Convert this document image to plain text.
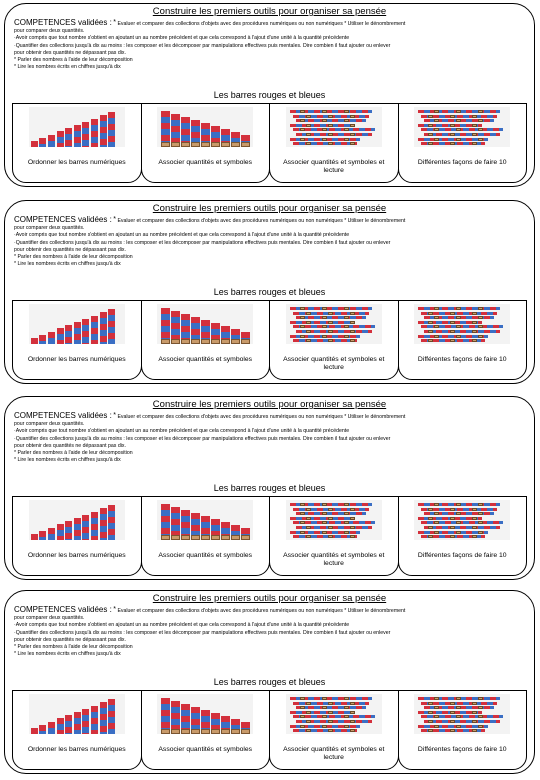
Construire les premiers outils pour organiser sa pensée
COMPETENCES validées : * Evaluer et comparer des collections d'objets avec des procédures numériques ou non numériques * Utiliser le dénombrement
pour comparer deux quantités.
·Avoir compris que tout nombre s'obtient en ajoutant un au nombre précédent et que cela correspond à l'ajout d'une unité à la quantité précédente
·Quantifier des collections jusqu'à dix au moins : les composer et les décomposer par manipulations effectives puis mentales. Dire combien il faut ajouter ou enlever
pour obtenir des quantités ne dépassant pas dix.
* Parler des nombres à l'aide de leur décomposition
* Lire les nombres écrits en chiffres jusqu'à dix
Les barres rouges et bleues
Ordonner les barres numériques	Associer quantités et symboles	Associer quantités et symboles et lecture
Différentes façons de faire 10
Construire les premiers outils pour organiser sa pensée
COMPETENCES validées : * Evaluer et comparer des collections d'objets avec des procédures numériques ou non numériques * Utiliser le dénombrement
pour comparer deux quantités.
·Avoir compris que tout nombre s'obtient en ajoutant un au nombre précédent et que cela correspond à l'ajout d'une unité à la quantité précédente
·Quantifier des collections jusqu'à dix au moins : les composer et les décomposer par manipulations effectives puis mentales. Dire combien il faut ajouter ou enlever
pour obtenir des quantités ne dépassant pas dix.
* Parler des nombres à l'aide de leur décomposition
* Lire les nombres écrits en chiffres jusqu'à dix
Les barres rouges et bleues
Ordonner les barres numériques	Associer quantités et symboles	Associer quantités et symboles et lecture
Différentes façons de faire 10
Construire les premiers outils pour organiser sa pensée
COMPETENCES validées : * Evaluer et comparer des collections d'objets avec des procédures numériques ou non numériques * Utiliser le dénombrement
pour comparer deux quantités.
·Avoir compris que tout nombre s'obtient en ajoutant un au nombre précédent et que cela correspond à l'ajout d'une unité à la quantité précédente
·Quantifier des collections jusqu'à dix au moins : les composer et les décomposer par manipulations effectives puis mentales. Dire combien il faut ajouter ou enlever
pour obtenir des quantités ne dépassant pas dix.
* Parler des nombres à l'aide de leur décomposition
* Lire les nombres écrits en chiffres jusqu'à dix
Les barres rouges et bleues
Ordonner les barres numériques	Associer quantités et symboles	Associer quantités et symboles et lecture
Différentes façons de faire 10
Construire les premiers outils pour organiser sa pensée
COMPETENCES validées : * Evaluer et comparer des collections d'objets avec des procédures numériques ou non numériques * Utiliser le dénombrement
pour comparer deux quantités.
·Avoir compris que tout nombre s'obtient en ajoutant un au nombre précédent et que cela correspond à l'ajout d'une unité à la quantité précédente
·Quantifier des collections jusqu'à dix au moins : les composer et les décomposer par manipulations effectives puis mentales. Dire combien il faut ajouter ou enlever
pour obtenir des quantités ne dépassant pas dix.
* Parler des nombres à l'aide de leur décomposition
* Lire les nombres écrits en chiffres jusqu'à dix
Les barres rouges et bleues
Ordonner les barres numériques	Associer quantités et symboles	Associer quantités et symboles et lecture
Différentes façons de faire 10
